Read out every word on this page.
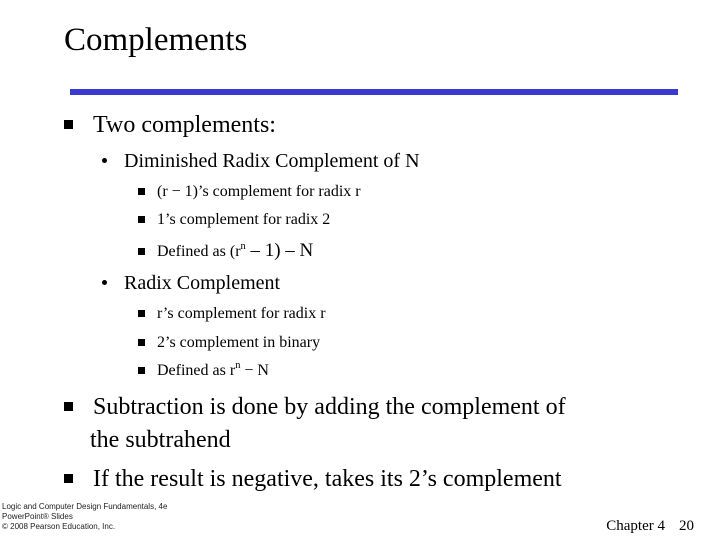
Complements
Two complements:
Diminished Radix Complement of N
(r − 1)’s complement for radix r
1’s complement for radix 2
Defined as $(r^n - 1)$ – N
Radix Complement
r’s complement for radix r
2’s complement in binary
Defined as $r^n - N$
Subtraction is done by adding the complement of
the subtrahend
If the result is negative, takes its 2’s complement
Logic and Computer Design Fundamentals, 4e
PowerPoint® Slides
© 2008 Pearson Education, Inc.	Chapter 4 20
